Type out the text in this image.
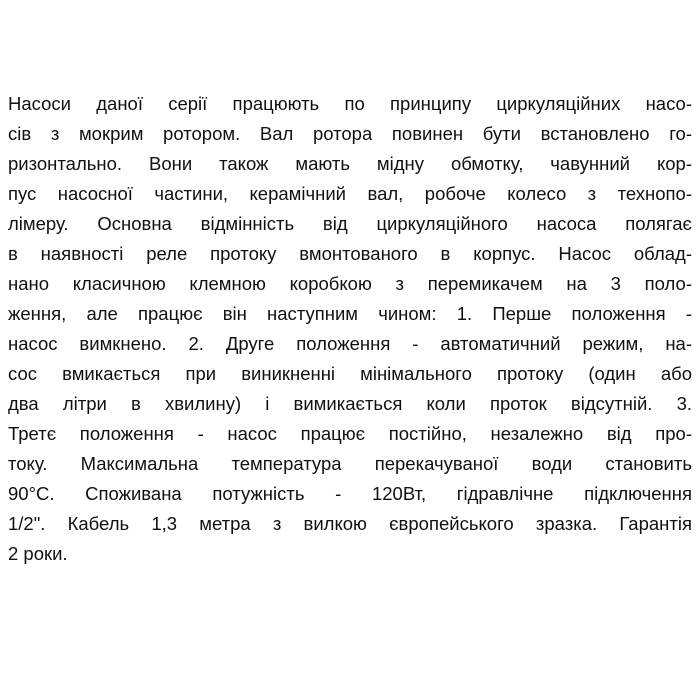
Насоси даної серії працюють по принципу циркуляційних насо-
сів з мокрим ротором. Вал ротора повинен бути встановлено го-
ризонтально. Вони також мають мідну обмотку, чавунний кор-
пус насосної частини, керамічний вал, робоче колесо з технопо-
лімеру. Основна відмінність від циркуляційного насоса полягає
в наявності реле протоку вмонтованого в корпус. Насос облад-
нано класичною клемною коробкою з перемикачем на 3 поло-
ження, але працює він наступним чином: 1. Перше положення -
насос вимкнено. 2. Друге положення - автоматичний режим, на-
сос вмикається при виникненні мінімального протоку (один або
два літри в хвилину) і вимикається коли проток відсутній. 3.
Третє положення - насос працює постійно, незалежно від про-
току. Максимальна температура перекачуваної води становить
90°С. Споживана потужність - 120Вт, гідравлічне підключення
1/2". Кабель 1,3 метра з вилкою європейського зразка. Гарантія
2 роки.
